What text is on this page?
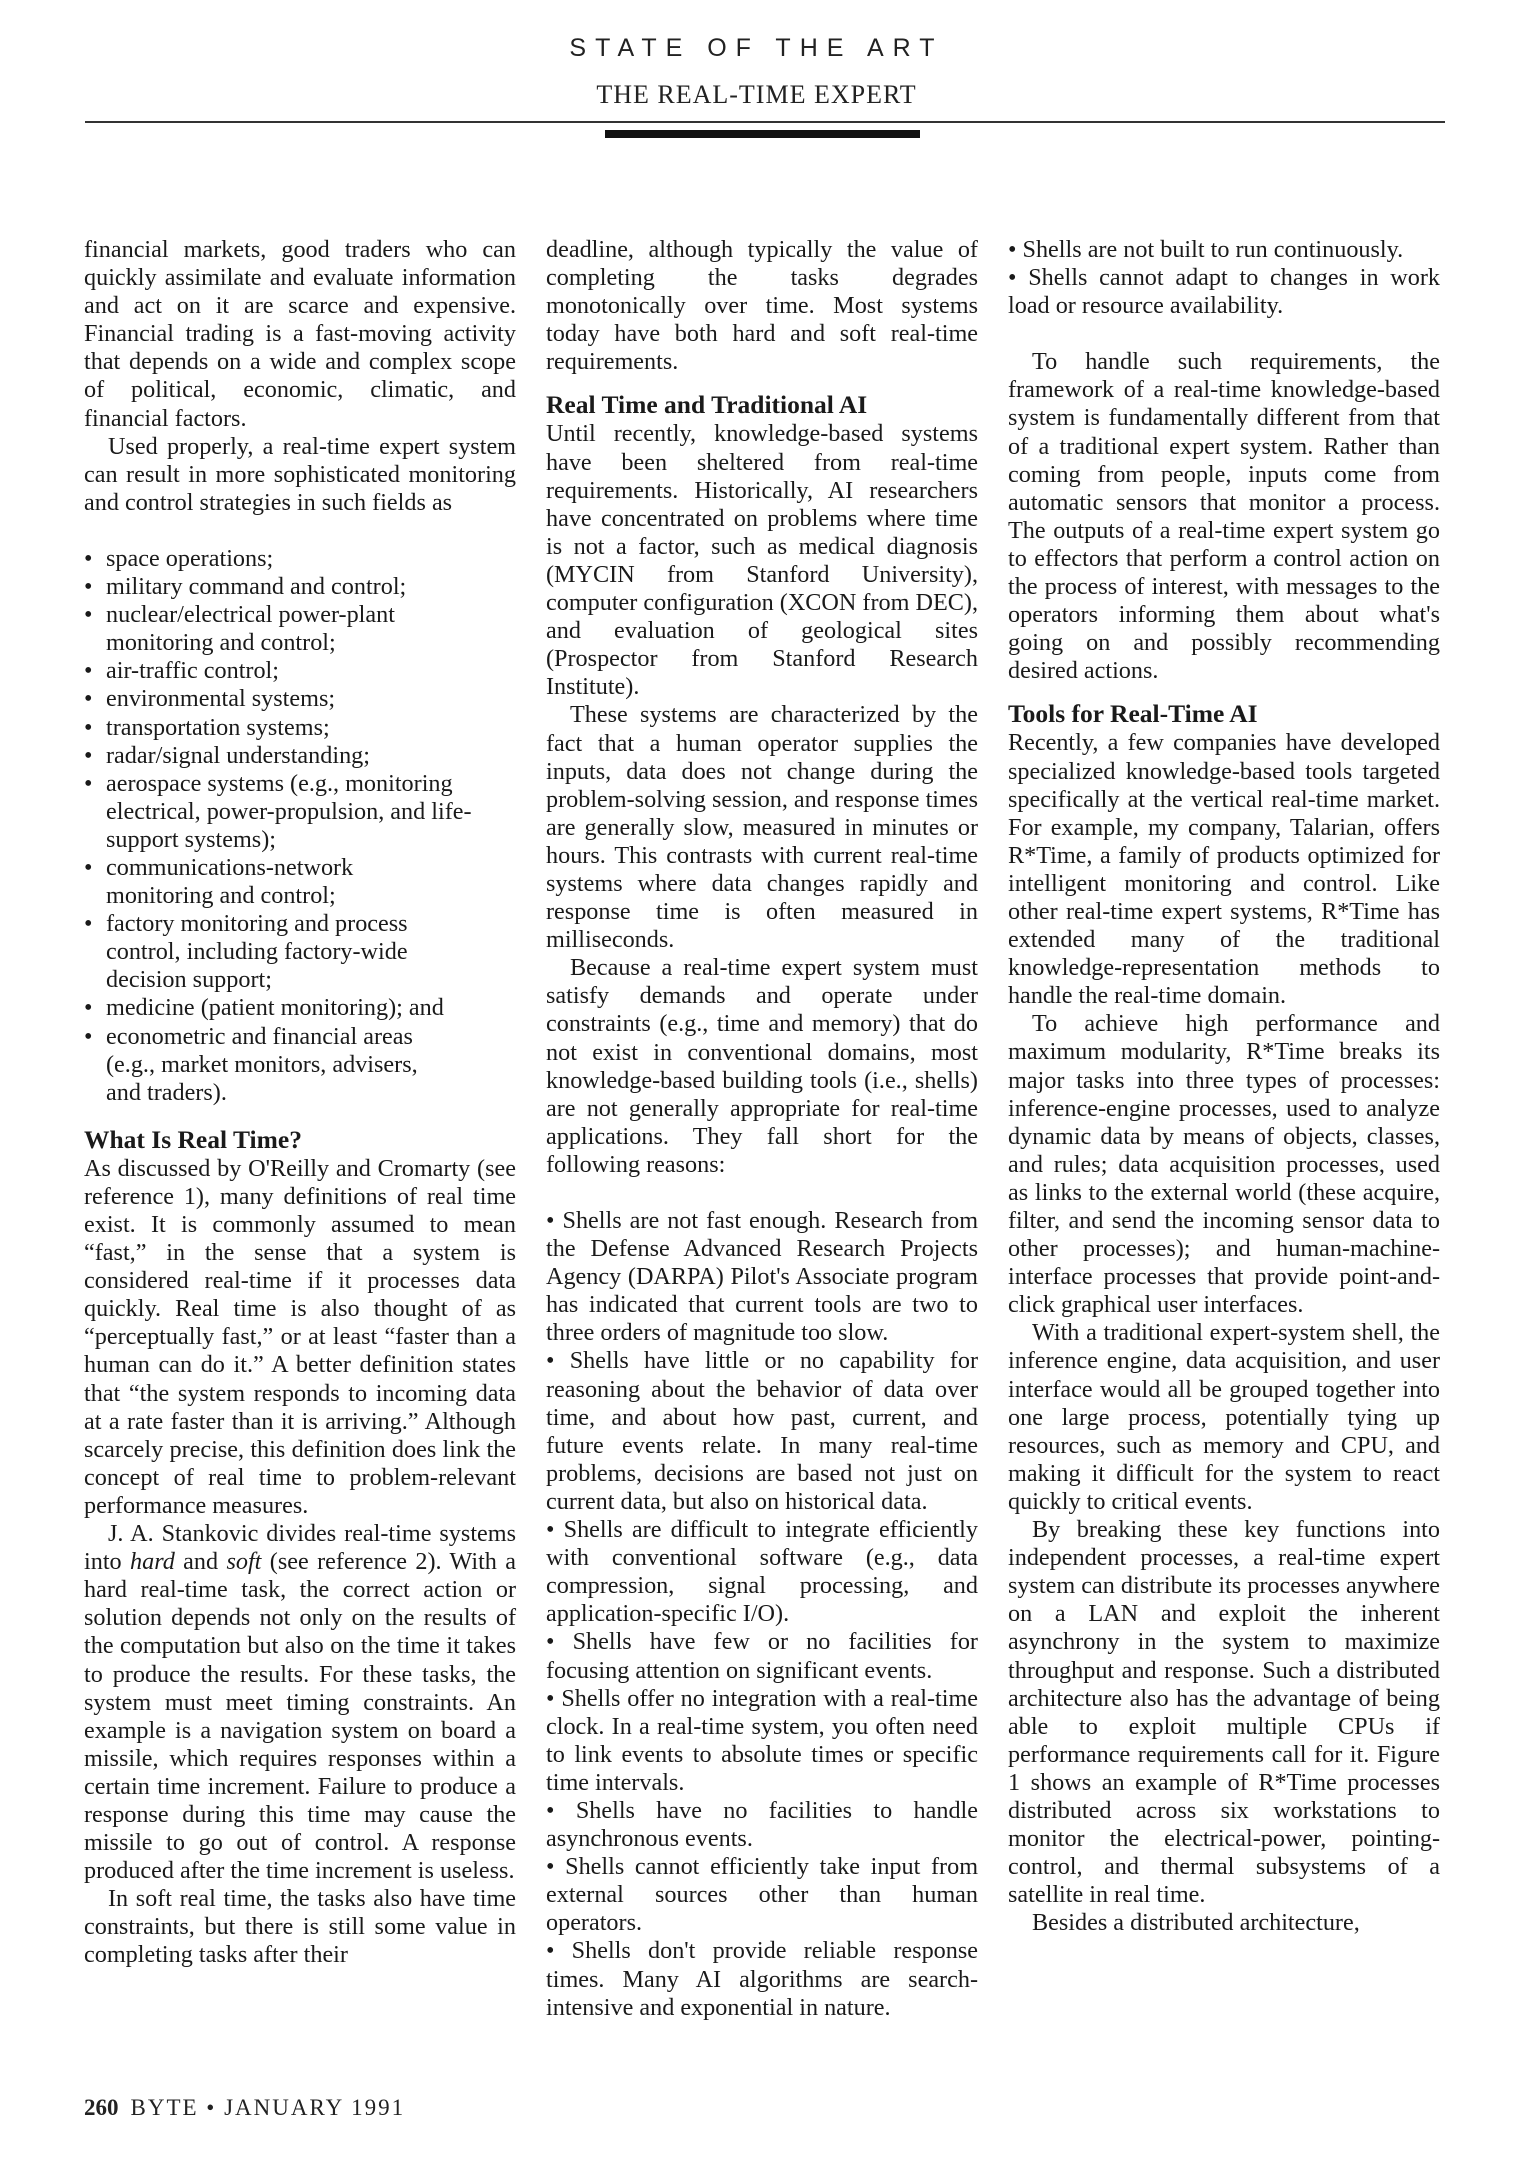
STATE OF THE ART
THE REAL-TIME EXPERT

financial markets, good traders who can quickly assimilate and evaluate information and act on it are scarce and expensive. Financial trading is a fast-moving activity that depends on a wide and complex scope of political, economic, climatic, and financial factors.

Used properly, a real-time expert system can result in more sophisticated monitoring and control strategies in such fields as

• space operations;
• military command and control;
• nuclear/electrical power-plant monitoring and control;
• air-traffic control;
• environmental systems;
• transportation systems;
• radar/signal understanding;
• aerospace systems (e.g., monitoring electrical, power-propulsion, and life-support systems);
• communications-network monitoring and control;
• factory monitoring and process control, including factory-wide decision support;
• medicine (patient monitoring); and
• econometric and financial areas (e.g., market monitors, advisers, and traders).
What Is Real Time?

As discussed by O'Reilly and Cromarty (see reference 1), many definitions of real time exist. It is commonly assumed to mean “fast,” in the sense that a system is considered real-time if it processes data quickly. Real time is also thought of as “perceptually fast,” or at least “faster than a human can do it.” A better definition states that “the system responds to incoming data at a rate faster than it is arriving.” Although scarcely precise, this definition does link the concept of real time to problem-relevant performance measures.

J. A. Stankovic divides real-time systems into hard and soft (see reference 2). With a hard real-time task, the correct action or solution depends not only on the results of the computation but also on the time it takes to produce the results. For these tasks, the system must meet timing constraints. An example is a navigation system on board a missile, which requires responses within a certain time increment. Failure to produce a response during this time may cause the missile to go out of control. A response produced after the time increment is useless.

In soft real time, the tasks also have time constraints, but there is still some value in completing tasks after their

deadline, although typically the value of completing the tasks degrades monotonically over time. Most systems today have both hard and soft real-time requirements.

Real Time and Traditional AI

Until recently, knowledge-based systems have been sheltered from real-time requirements. Historically, AI researchers have concentrated on problems where time is not a factor, such as medical diagnosis (MYCIN from Stanford University), computer configuration (XCON from DEC), and evaluation of geological sites (Prospector from Stanford Research Institute).

These systems are characterized by the fact that a human operator supplies the inputs, data does not change during the problem-solving session, and response times are generally slow, measured in minutes or hours. This contrasts with current real-time systems where data changes rapidly and response time is often measured in milliseconds.

Because a real-time expert system must satisfy demands and operate under constraints (e.g., time and memory) that do not exist in conventional domains, most knowledge-based building tools (i.e., shells) are not generally appropriate for real-time applications. They fall short for the following reasons:

• Shells are not fast enough. Research from the Defense Advanced Research Projects Agency (DARPA) Pilot's Associate program has indicated that current tools are two to three orders of magnitude too slow.

• Shells have little or no capability for reasoning about the behavior of data over time, and about how past, current, and future events relate. In many real-time problems, decisions are based not just on current data, but also on historical data.

• Shells are difficult to integrate efficiently with conventional software (e.g., data compression, signal processing, and application-specific I/O).

• Shells have few or no facilities for focusing attention on significant events.

• Shells offer no integration with a real-time clock. In a real-time system, you often need to link events to absolute times or specific time intervals.

• Shells have no facilities to handle asynchronous events.

• Shells cannot efficiently take input from external sources other than human operators.

• Shells don't provide reliable response times. Many AI algorithms are search-intensive and exponential in nature.

• Shells are not built to run continuously.

• Shells cannot adapt to changes in work load or resource availability.

To handle such requirements, the framework of a real-time knowledge-based system is fundamentally different from that of a traditional expert system. Rather than coming from people, inputs come from automatic sensors that monitor a process. The outputs of a real-time expert system go to effectors that perform a control action on the process of interest, with messages to the operators informing them about what's going on and possibly recommending desired actions.

Tools for Real-Time AI

Recently, a few companies have developed specialized knowledge-based tools targeted specifically at the vertical real-time market. For example, my company, Talarian, offers R*Time, a family of products optimized for intelligent monitoring and control. Like other real-time expert systems, R*Time has extended many of the traditional knowledge-representation methods to handle the real-time domain.

To achieve high performance and maximum modularity, R*Time breaks its major tasks into three types of processes: inference-engine processes, used to analyze dynamic data by means of objects, classes, and rules; data acquisition processes, used as links to the external world (these acquire, filter, and send the incoming sensor data to other processes); and human-machine-interface processes that provide point-and-click graphical user interfaces.

With a traditional expert-system shell, the inference engine, data acquisition, and user interface would all be grouped together into one large process, potentially tying up resources, such as memory and CPU, and making it difficult for the system to react quickly to critical events.

By breaking these key functions into independent processes, a real-time expert system can distribute its processes anywhere on a LAN and exploit the inherent asynchrony in the system to maximize throughput and response. Such a distributed architecture also has the advantage of being able to exploit multiple CPUs if performance requirements call for it. Figure 1 shows an example of R*Time processes distributed across six workstations to monitor the electrical-power, pointing-control, and thermal subsystems of a satellite in real time.

Besides a distributed architecture,

260 BYTE • JANUARY 1991
